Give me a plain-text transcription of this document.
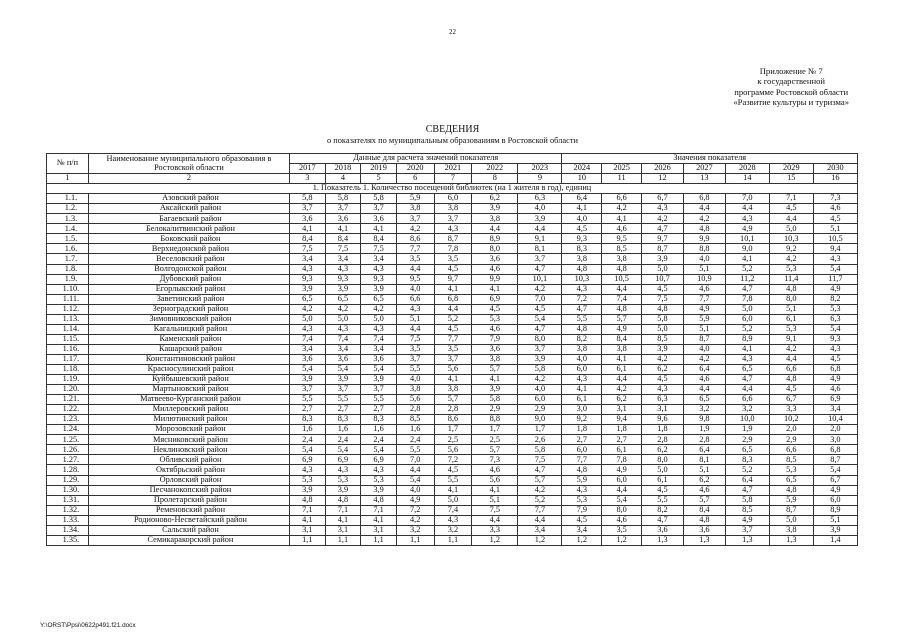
22
Приложение № 7
к государственной
программе Ростовской области
«Развитие культуры и туризма»
СВЕДЕНИЯ
о показателях по муниципальным образованиям в Ростовской области
№ п/п	Наименование муниципального образования в Ростовской области	Данные для расчета значений показателя							Значения показателя						
		2017	2018	2019	2020	2021	2022	2023	2024	2025	2026	2027	2028	2029	2030
1	2	3	4	5	6	7	8	9	10	11	12	13	14	15	16
1. Показатель 1. Количество посещений библиотек (на 1 жителя в год), единиц															
1.1.	Азовский район	5,8	5,8	5,8	5,9	6,0	6,2	6,3	6,4	6,6	6,7	6,8	7,0	7,1	7,3
1.2.	Аксайский район	3,7	3,7	3,7	3,8	3,8	3,9	4,0	4,1	4,2	4,3	4,4	4,4	4,5	4,6
1.3.	Багаевский район	3,6	3,6	3,6	3,7	3,7	3,8	3,9	4,0	4,1	4,2	4,2	4,3	4,4	4,5
1.4.	Белокалитвинский район	4,1	4,1	4,1	4,2	4,3	4,4	4,4	4,5	4,6	4,7	4,8	4,9	5,0	5,1
1.5.	Боковский район	8,4	8,4	8,4	8,6	8,7	8,9	9,1	9,3	9,5	9,7	9,9	10,1	10,3	10,5
1.6.	Верхнедонской район	7,5	7,5	7,5	7,7	7,8	8,0	8,1	8,3	8,5	8,7	8,8	9,0	9,2	9,4
1.7.	Веселовский район	3,4	3,4	3,4	3,5	3,5	3,6	3,7	3,8	3,8	3,9	4,0	4,1	4,2	4,3
1.8.	Волгодонской район	4,3	4,3	4,3	4,4	4,5	4,6	4,7	4,8	4,8	5,0	5,1	5,2	5,3	5,4
1.9.	Дубовский район	9,3	9,3	9,3	9,5	9,7	9,9	10,1	10,3	10,5	10,7	10,9	11,2	11,4	11,7
1.10.	Егорлыкский район	3,9	3,9	3,9	4,0	4,1	4,1	4,2	4,3	4,4	4,5	4,6	4,7	4,8	4,9
1.11.	Заветинский район	6,5	6,5	6,5	6,6	6,8	6,9	7,0	7,2	7,4	7,5	7,7	7,8	8,0	8,2
1.12.	Зерноградский район	4,2	4,2	4,2	4,3	4,4	4,5	4,5	4,7	4,8	4,8	4,9	5,0	5,1	5,3
1.13.	Зимовниковский район	5,0	5,0	5,0	5,1	5,2	5,3	5,4	5,5	5,7	5,8	5,9	6,0	6,1	6,3
1.14.	Кагальницкий район	4,3	4,3	4,3	4,4	4,5	4,6	4,7	4,8	4,9	5,0	5,1	5,2	5,3	5,4
1.15.	Каменский район	7,4	7,4	7,4	7,5	7,7	7,9	8,0	8,2	8,4	8,5	8,7	8,9	9,1	9,3
1.16.	Кашарский район	3,4	3,4	3,4	3,5	3,5	3,6	3,7	3,8	3,8	3,9	4,0	4,1	4,2	4,3
1.17.	Константиновский район	3,6	3,6	3,6	3,7	3,7	3,8	3,9	4,0	4,1	4,2	4,2	4,3	4,4	4,5
1.18.	Красносулинский район	5,4	5,4	5,4	5,5	5,6	5,7	5,8	6,0	6,1	6,2	6,4	6,5	6,6	6,8
1.19.	Куйбышевский район	3,9	3,9	3,9	4,0	4,1	4,1	4,2	4,3	4,4	4,5	4,6	4,7	4,8	4,9
1.20.	Мартыновский район	3,7	3,7	3,7	3,8	3,8	3,9	4,0	4,1	4,2	4,3	4,4	4,4	4,5	4,6
1.21.	Матвеево-Курганский район	5,5	5,5	5,5	5,6	5,7	5,8	6,0	6,1	6,2	6,3	6,5	6,6	6,7	6,9
1.22.	Миллеровский район	2,7	2,7	2,7	2,8	2,8	2,9	2,9	3,0	3,1	3,1	3,2	3,2	3,3	3,4
1.23.	Милютинский район	8,3	8,3	8,3	8,5	8,6	8,8	9,0	9,2	9,4	9,6	9,8	10,0	10,2	10,4
1.24.	Морозовский район	1,6	1,6	1,6	1,6	1,7	1,7	1,7	1,8	1,8	1,8	1,9	1,9	2,0	2,0
1.25.	Мясниковский район	2,4	2,4	2,4	2,4	2,5	2,5	2,6	2,7	2,7	2,8	2,8	2,9	2,9	3,0
1.26.	Неклиновский район	5,4	5,4	5,4	5,5	5,6	5,7	5,8	6,0	6,1	6,2	6,4	6,5	6,6	6,8
1.27.	Обливский район	6,9	6,9	6,9	7,0	7,2	7,3	7,5	7,7	7,8	8,0	8,1	8,3	8,5	8,7
1.28.	Октябрьский район	4,3	4,3	4,3	4,4	4,5	4,6	4,7	4,8	4,9	5,0	5,1	5,2	5,3	5,4
1.29.	Орловский район	5,3	5,3	5,3	5,4	5,5	5,6	5,7	5,9	6,0	6,1	6,2	6,4	6,5	6,7
1.30.	Песчанокопский район	3,9	3,9	3,9	4,0	4,1	4,1	4,2	4,3	4,4	4,5	4,6	4,7	4,8	4,9
1.31.	Пролетарский район	4,8	4,8	4,8	4,9	5,0	5,1	5,2	5,3	5,4	5,5	5,7	5,8	5,9	6,0
1.32.	Ременовский район	7,1	7,1	7,1	7,2	7,4	7,5	7,7	7,9	8,0	8,2	8,4	8,5	8,7	8,9
1.33.	Родионово-Несветайский район	4,1	4,1	4,1	4,2	4,3	4,4	4,4	4,5	4,6	4,7	4,8	4,9	5,0	5,1
1.34.	Сальский район	3,1	3,1	3,1	3,2	3,2	3,3	3,4	3,4	3,5	3,6	3,6	3,7	3,8	3,9
1.35.	Семикаракорский район	1,1	1,1	1,1	1,1	1,1	1,2	1,2	1,2	1,2	1,3	1,3	1,3	1,3	1,4
Y:\ORST\Ppsi\0622p491.f21.docx
